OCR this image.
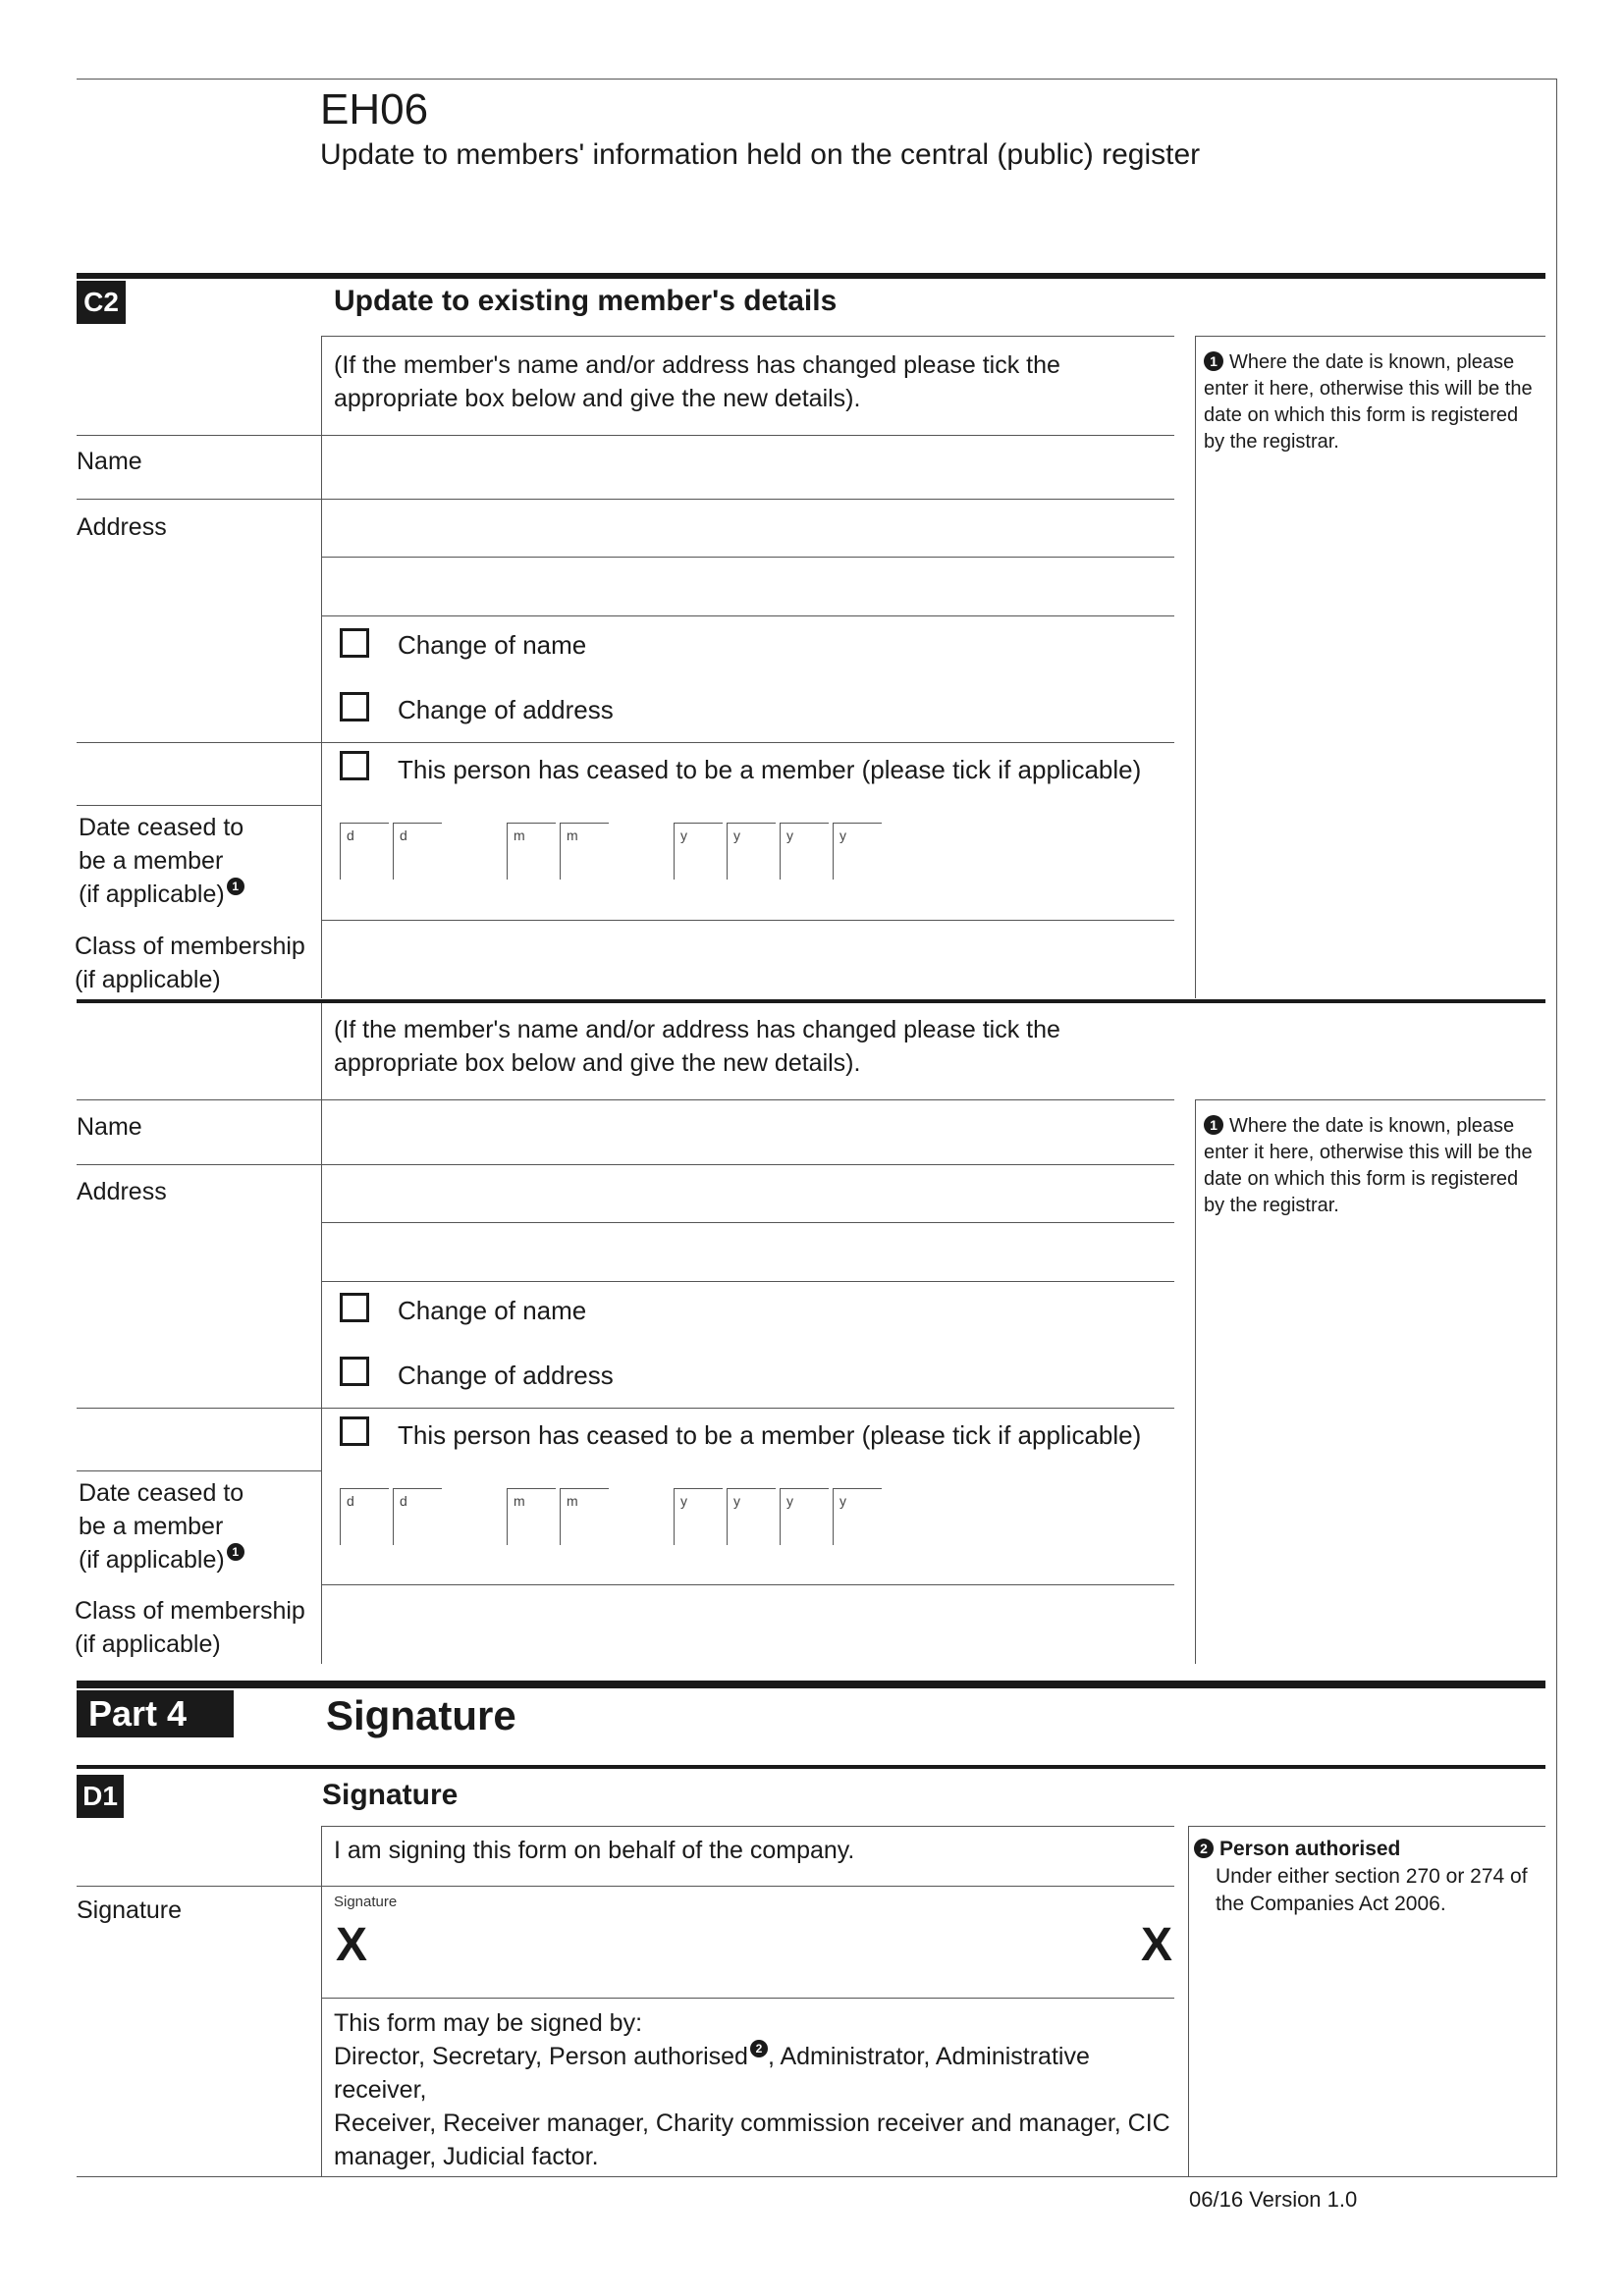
EH06
Update to members' information held on the central (public) register
C2	Update to existing member's details
1 Where the date is known, please enter it here, otherwise this will be the date on which this form is registered by the registrar.
(If the member's name and/or address has changed please tick the appropriate box below and give the new details).
Name
Address
Change of name
Change of address
This person has ceased to be a member (please tick if applicable)
Date ceased to
be a member
(if applicable) 1
d	d	m	m	y	y	y	y
Class of membership
(if applicable)
(If the member's name and/or address has changed please tick the appropriate box below and give the new details).
1 Where the date is known, please enter it here, otherwise this will be the date on which this form is registered by the registrar.
Name
Address
Change of name
Change of address
This person has ceased to be a member (please tick if applicable)
Date ceased to
be a member
(if applicable) 1
d	d	m	m	y	y	y	y
Class of membership
(if applicable)
Part 4	Signature
D1	Signature
2 Person authorised

Under either section 270 or 274 of the Companies Act 2006.
I am signing this form on behalf of the company.
Signature	Signature
X	X
This form may be signed by:
Director, Secretary, Person authorised 2 , Administrator, Administrative receiver,
Receiver, Receiver manager, Charity commission receiver and manager, CIC
manager, Judicial factor.
06/16 Version 1.0
